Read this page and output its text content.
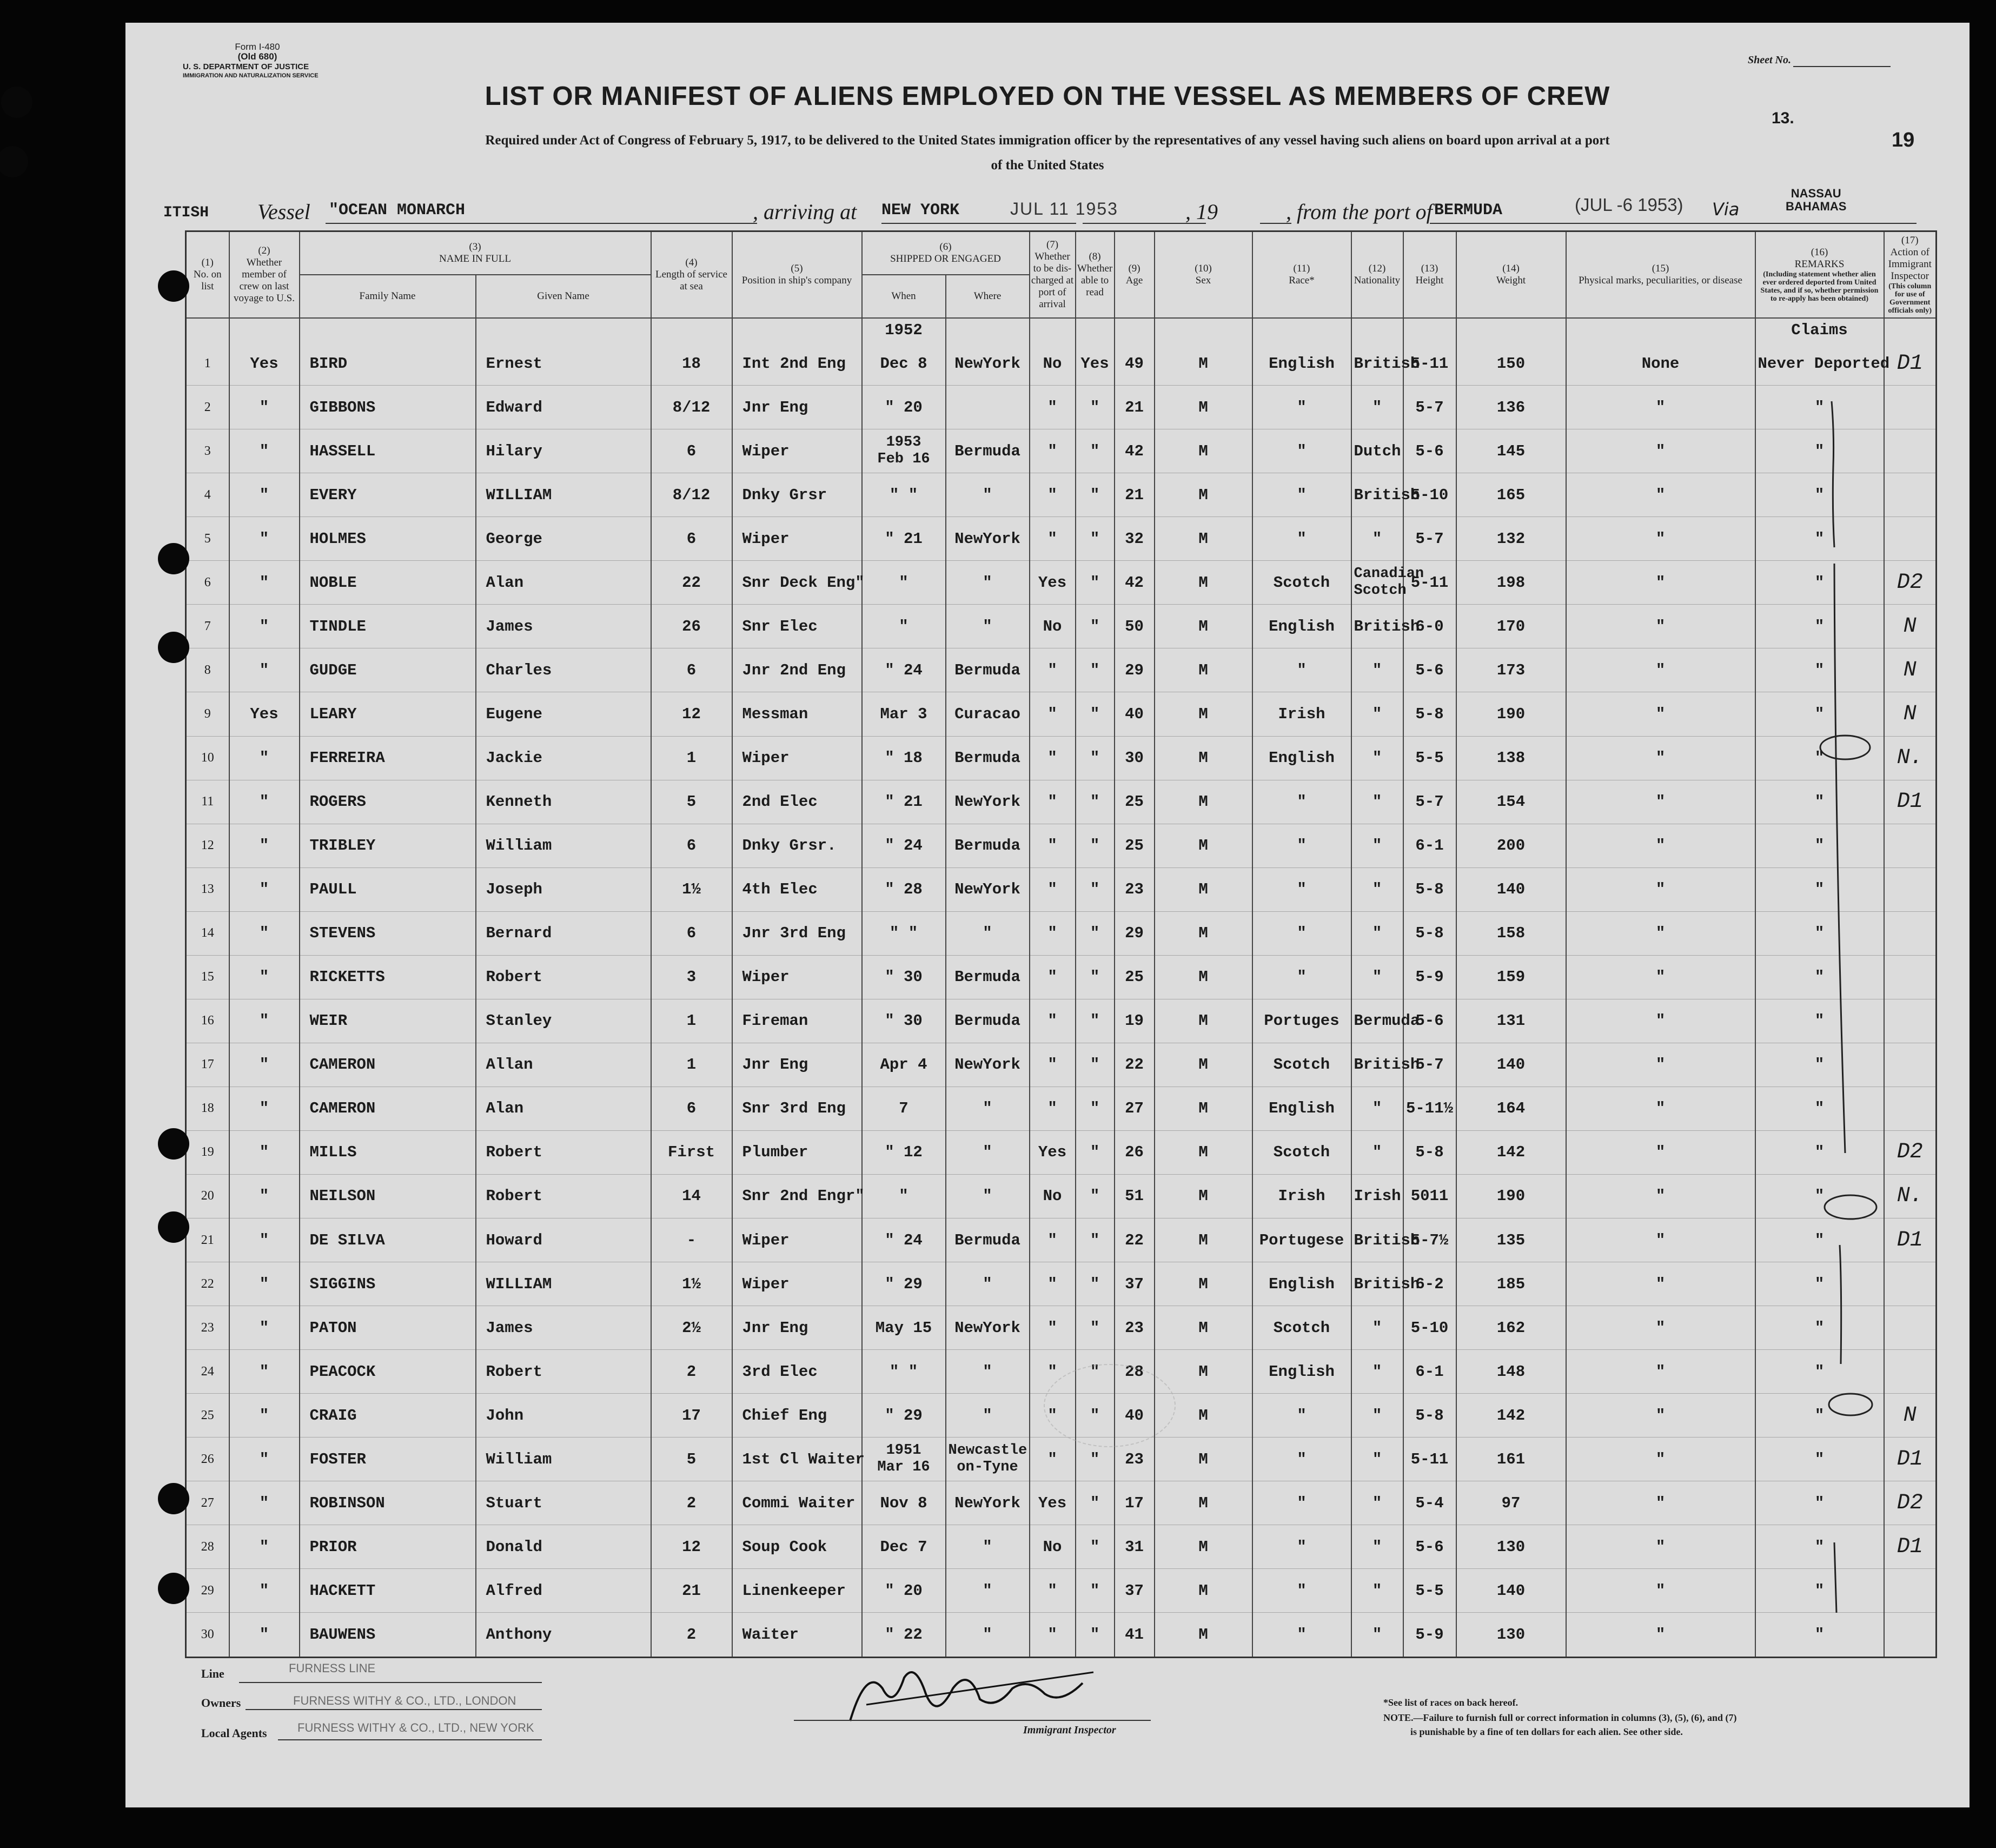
Form I-480
(Old 680)
U. S. DEPARTMENT OF JUSTICE
IMMIGRATION AND NATURALIZATION SERVICE
Sheet No.
19
13.
LIST OR MANIFEST OF ALIENS EMPLOYED ON THE VESSEL AS MEMBERS OF CREW
Required under Act of Congress of February 5, 1917, to be delivered to the United States immigration officer by the representatives of any vessel having such aliens on board upon arrival at a port
of the United States
ITISH Vessel "OCEAN MONARCH	, arriving at NEW YORK	JUL 11 1953	, 19	, from the port of BERMUDA	(JUL -6 1953) Via
NASSAU
BAHAMAS
(1)
No. on list	(2)
Whether member of crew on last voyage to U.S.	(3)
NAME IN FULL		(4)
Length of service at sea	(5)
Position in ship's company	(6)
SHIPPED OR ENGAGED		(7)
Whether to be dis- charged at port of arrival	(8)
Whether able to read	(9)
Age	(10)
Sex	(11)
Race*	(12)
Nationality	(13)
Height	(14)
Weight	(15)
Physical marks, peculiarities, or disease	(16)
REMARKS
(Including statement whether alien ever ordered deported from United States, and if so, whether permission to re-apply has been obtained)	(17)
Action of Immigrant Inspector
(This column for use of Government officials only)

		Family Name	Given Name			When	Where											
						1952											Claims	
1	Yes	BIRD	Ernest	18	Int 2nd Eng	Dec 8	NewYork	No	Yes	49	M	English	British	5-11	150	None	Never Deported	D1
2	"	GIBBONS	Edward	8/12	Jnr Eng	" 20		"	"	21	M	"	"	5-7	136	"	"	
3	"	HASSELL	Hilary	6	Wiper	1953
Feb 16	Bermuda	"	"	42	M	"	Dutch	5-6	145	"	"	
4	"	EVERY	WILLIAM	8/12	Dnky Grsr	" "	"	"	"	21	M	"	British	5-10	165	"	"	
5	"	HOLMES	George	6	Wiper	" 21	NewYork	"	"	32	M	"	"	5-7	132	"	"	
6	"	NOBLE	Alan	22	Snr Deck Eng"	"	"	Yes	"	42	M	Scotch	Canadian
Scotch	5-11	198	"	"	D2
7	"	TINDLE	James	26	Snr Elec	"	"	No	"	50	M	English	British	6-0	170	"	"	N
8	"	GUDGE	Charles	6	Jnr 2nd Eng	" 24	Bermuda	"	"	29	M	"	"	5-6	173	"	"	N
9	Yes	LEARY	Eugene	12	Messman	Mar 3	Curacao	"	"	40	M	Irish	"	5-8	190	"	"	N
10	"	FERREIRA	Jackie	1	Wiper	" 18	Bermuda	"	"	30	M	English	"	5-5	138	"	"	N.
11	"	ROGERS	Kenneth	5	2nd Elec	" 21	NewYork	"	"	25	M	"	"	5-7	154	"	"	D1
12	"	TRIBLEY	William	6	Dnky Grsr.	" 24	Bermuda	"	"	25	M	"	"	6-1	200	"	"	
13	"	PAULL	Joseph	1½	4th Elec	" 28	NewYork	"	"	23	M	"	"	5-8	140	"	"	
14	"	STEVENS	Bernard	6	Jnr 3rd Eng	" "	"	"	"	29	M	"	"	5-8	158	"	"	
15	"	RICKETTS	Robert	3	Wiper	" 30	Bermuda	"	"	25	M	"	"	5-9	159	"	"	
16	"	WEIR	Stanley	1	Fireman	" 30	Bermuda	"	"	19	M	Portuges	Bermuda	5-6	131	"	"	
17	"	CAMERON	Allan	1	Jnr Eng	Apr 4	NewYork	"	"	22	M	Scotch	British	5-7	140	"	"	
18	"	CAMERON	Alan	6	Snr 3rd Eng	7	"	"	"	27	M	English	"	5-11½	164	"	"	
19	"	MILLS	Robert	First	Plumber	" 12	"	Yes	"	26	M	Scotch	"	5-8	142	"	"	D2
20	"	NEILSON	Robert	14	Snr 2nd Engr"	"	"	No	"	51	M	Irish	Irish	5011	190	"	"	N.
21	"	DE SILVA	Howard	-	Wiper	" 24	Bermuda	"	"	22	M	Portugese	British	5-7½	135	"	"	D1
22	"	SIGGINS	WILLIAM	1½	Wiper	" 29	"	"	"	37	M	English	British	6-2	185	"	"	
23	"	PATON	James	2½	Jnr Eng	May 15	NewYork	"	"	23	M	Scotch	"	5-10	162	"	"	
24	"	PEACOCK	Robert	2	3rd Elec	" "	"	"	"	28	M	English	"	6-1	148	"	"	
25	"	CRAIG	John	17	Chief Eng	" 29	"	"	"	40	M	"	"	5-8	142	"	"	N
26	"	FOSTER	William	5	1st Cl Waiter	1951
Mar 16	Newcastle
on-Tyne	"	"	23	M	"	"	5-11	161	"	"	D1
27	"	ROBINSON	Stuart	2	Commi Waiter	Nov 8	NewYork	Yes	"	17	M	"	"	5-4	97	"	"	D2
28	"	PRIOR	Donald	12	Soup Cook	Dec 7	"	No	"	31	M	"	"	5-6	130	"	"	D1
29	"	HACKETT	Alfred	21	Linenkeeper	" 20	"	"	"	37	M	"	"	5-5	140	"	"	
30	"	BAUWENS	Anthony	2	Waiter	" 22	"	"	"	41	M	"	"	5-9	130	"	"	
Line	FURNESS LINE
Owners	FURNESS WITHY & CO., LTD., LONDON
Local Agents	FURNESS WITHY & CO., LTD., NEW YORK	Immigrant Inspector
*See list of races on back hereof.
NOTE.—Failure to furnish full or correct information in columns (3), (5), (6), and (7)
is punishable by a fine of ten dollars for each alien. See other side.
